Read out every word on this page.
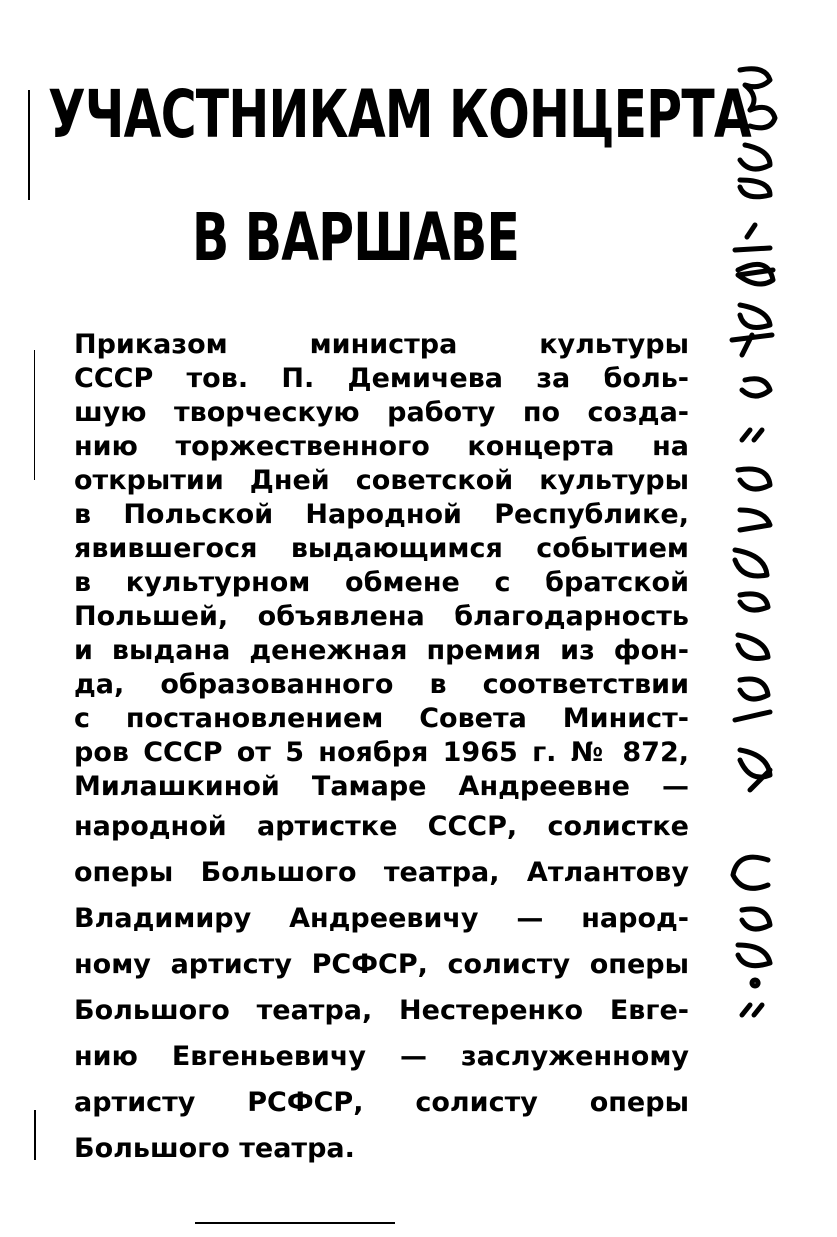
УЧАСТНИКАМ КОНЦЕРТА
В ВАРШАВЕ
Приказом министра культуры
СССР тов. П. Демичева за боль-
шую творческую работу по созда-
нию торжественного концерта на
открытии Дней советской культуры
в Польской Народной Республике,
явившегося выдающимся событием
в культурном обмене с братской
Польшей, объявлена благодарность
и выдана денежная премия из фон-
да, образованного в соответствии
с постановлением Совета Минист-
ров СССР от 5 ноября 1965 г. № 872,
Милашкиной Тамаре Андреевне —
народной артистке СССР, солистке
оперы Большого театра, Атлантову
Владимиру Андреевичу — народ-
ному артисту РСФСР, солисту оперы
Большого театра, Нестеренко Евге-
нию Евгеньевичу — заслуженному
артисту РСФСР, солисту оперы
Большого театра.
